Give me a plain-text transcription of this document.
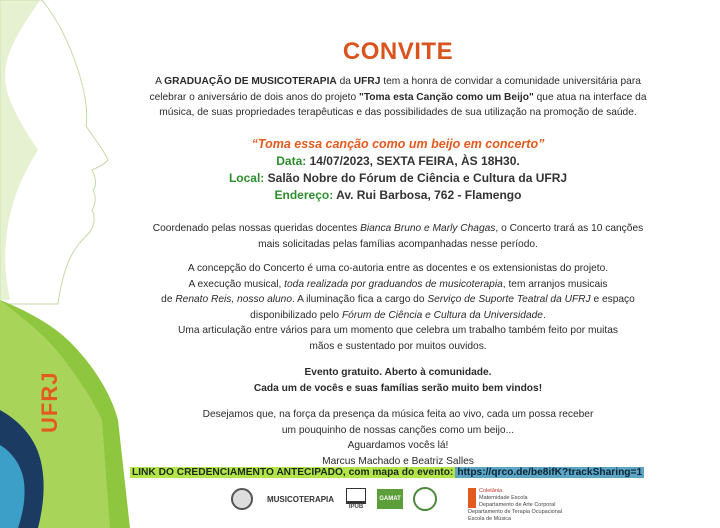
UFRJ
CONVITE
A GRADUAÇÃO DE MUSICOTERAPIA da UFRJ tem a honra de convidar a comunidade universitária para
celebrar o aniversário de dois anos do projeto "Toma esta Canção como um Beijo" que atua na interface da
música, de suas propriedades terapêuticas e das possibilidades de sua utilização na promoção de saúde.
“Toma essa canção como um beijo em concerto”
Data: 14/07/2023, SEXTA FEIRA, ÀS 18H30.
Local: Salão Nobre do Fórum de Ciência e Cultura da UFRJ
Endereço: Av. Rui Barbosa, 762 - Flamengo
Coordenado pelas nossas queridas docentes Bianca Bruno e Marly Chagas, o Concerto trará as 10 canções
mais solicitadas pelas famílias acompanhadas nesse período.
A concepção do Concerto é uma co-autoria entre as docentes e os extensionistas do projeto.
A execução musical, toda realizada por graduandos de musicoterapia, tem arranjos musicais
de Renato Reis, nosso aluno. A iluminação fica a cargo do Serviço de Suporte Teatral da UFRJ e espaço
disponibilizado pelo Fórum de Ciência e Cultura da Universidade.
Uma articulação entre vários para um momento que celebra um trabalho também feito por muitas
mãos e sustentado por muitos ouvidos.
Evento gratuito. Aberto à comunidade.
Cada um de vocês e suas famílias serão muito bem vindos!
Desejamos que, na força da presença da música feita ao vivo, cada um possa receber
um pouquinho de nossas canções como um beijo...
Aguardamos vocês lá!
Marcus Machado e Beatriz Salles
LINK DO CREDENCIAMENTO ANTECIPADO, com mapa do evento: https://qrco.de/be8ifK?trackSharing=1
MUSICOTERAPIA
IPUB
GAMAT
Coletânia
Maternidade Escola
Departamento de Arte Corporal
Departamento de Terapia Ocupacional
Escola de Música
